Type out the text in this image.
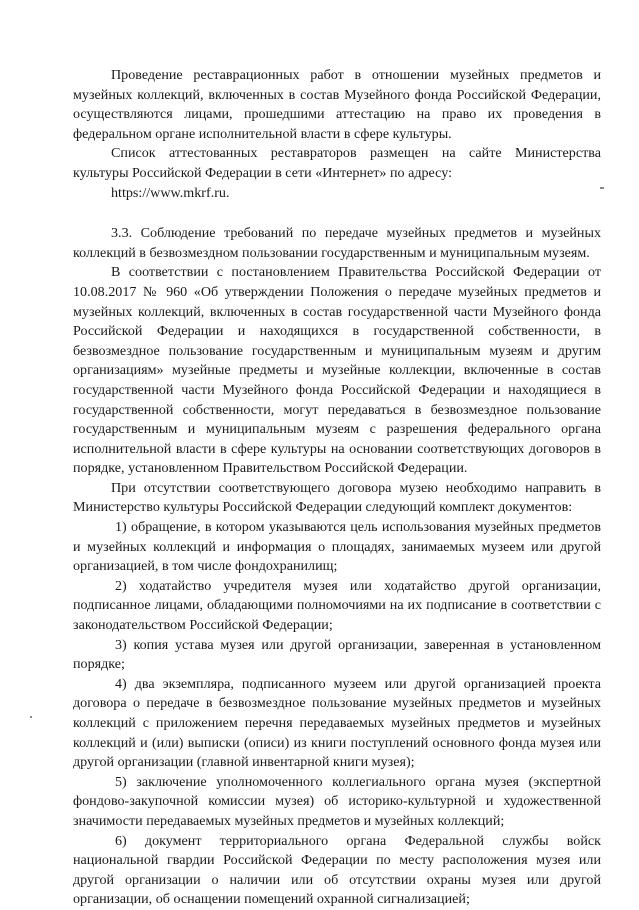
Проведение реставрационных работ в отношении музейных предметов и музейных коллекций, включенных в состав Музейного фонда Российской Федерации, осуществляются лицами, прошедшими аттестацию на право их проведения в федеральном органе исполнительной власти в сфере культуры.

Список аттестованных реставраторов размещен на сайте Министерства культуры Российской Федерации в сети «Интернет» по адресу:
https://www.mkrf.ru.

3.3. Соблюдение требований по передаче музейных предметов и музейных коллекций в безвозмездном пользовании государственным и муниципальным музеям.

В соответствии с постановлением Правительства Российской Федерации от 10.08.2017 № 960 «Об утверждении Положения о передаче музейных предметов и музейных коллекций, включенных в состав государственной части Музейного фонда Российской Федерации и находящихся в государственной собственности, в безвозмездное пользование государственным и муниципальным музеям и другим организациям» музейные предметы и музейные коллекции, включенные в состав государственной части Музейного фонда Российской Федерации и находящиеся в государственной собственности, могут передаваться в безвозмездное пользование государственным и муниципальным музеям с разрешения федерального органа исполнительной власти в сфере культуры на основании соответствующих договоров в порядке, установленном Правительством Российской Федерации.

При отсутствии соответствующего договора музею необходимо направить в Министерство культуры Российской Федерации следующий комплект документов:

1) обращение, в котором указываются цель использования музейных предметов и музейных коллекций и информация о площадях, занимаемых музеем или другой организацией, в том числе фондохранилищ;

2) ходатайство учредителя музея или ходатайство другой организации, подписанное лицами, обладающими полномочиями на их подписание в соответствии с законодательством Российской Федерации;

3) копия устава музея или другой организации, заверенная в установленном порядке;

4) два экземпляра, подписанного музеем или другой организацией проекта договора о передаче в безвозмездное пользование музейных предметов и музейных коллекций с приложением перечня передаваемых музейных предметов и музейных коллекций и (или) выписки (описи) из книги поступлений основного фонда музея или другой организации (главной инвентарной книги музея);

5) заключение уполномоченного коллегиального органа музея (экспертной фондово-закупочной комиссии музея) об историко-культурной и художественной значимости передаваемых музейных предметов и музейных коллекций;

6) документ территориального органа Федеральной службы войск национальной гвардии Российской Федерации по месту расположения музея или другой организации о наличии или об отсутствии охраны музея или другой организации, об оснащении помещений охранной сигнализацией;
